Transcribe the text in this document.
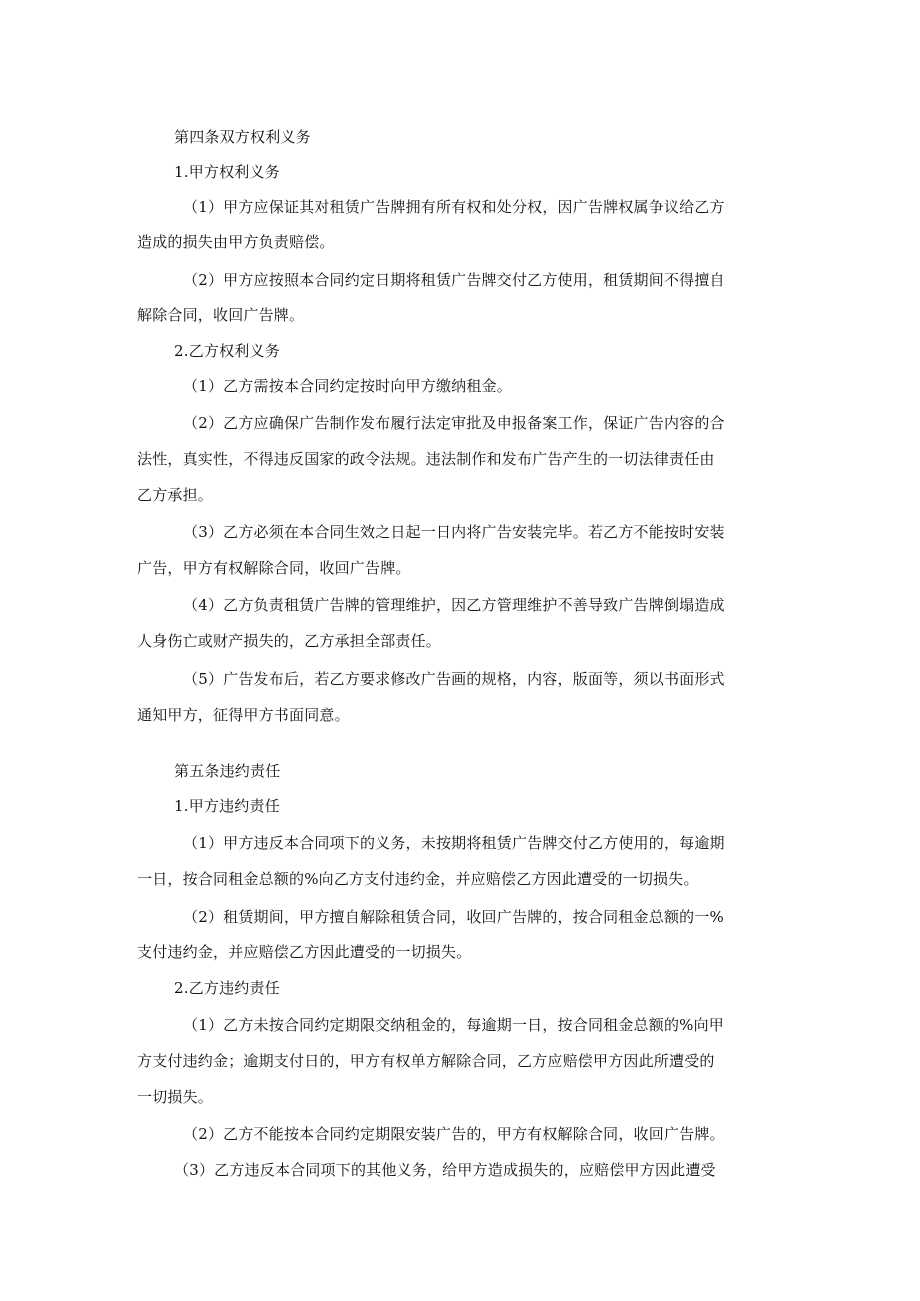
第四条双方权利义务
1.甲方权利义务
（1）甲方应保证其对租赁广告牌拥有所有权和处分权，因广告牌权属争议给乙方
造成的损失由甲方负责赔偿。
（2）甲方应按照本合同约定日期将租赁广告牌交付乙方使用，租赁期间不得擅自
解除合同，收回广告牌。
2.乙方权利义务
（1）乙方需按本合同约定按时向甲方缴纳租金。
（2）乙方应确保广告制作发布履行法定审批及申报备案工作，保证广告内容的合
法性，真实性，不得违反国家的政令法规。违法制作和发布广告产生的一切法律责任由
乙方承担。
（3）乙方必须在本合同生效之日起一日内将广告安装完毕。若乙方不能按时安装
广告，甲方有权解除合同，收回广告牌。
（4）乙方负责租赁广告牌的管理维护，因乙方管理维护不善导致广告牌倒塌造成
人身伤亡或财产损失的，乙方承担全部责任。
（5）广告发布后，若乙方要求修改广告画的规格，内容，版面等，须以书面形式
通知甲方，征得甲方书面同意。
第五条违约责任
1.甲方违约责任
（1）甲方违反本合同项下的义务，未按期将租赁广告牌交付乙方使用的，每逾期
一日，按合同租金总额的%向乙方支付违约金，并应赔偿乙方因此遭受的一切损失。
（2）租赁期间，甲方擅自解除租赁合同，收回广告牌的，按合同租金总额的一%
支付违约金，并应赔偿乙方因此遭受的一切损失。
2.乙方违约责任
（1）乙方未按合同约定期限交纳租金的，每逾期一日，按合同租金总额的%向甲
方支付违约金；逾期支付日的，甲方有权单方解除合同，乙方应赔偿甲方因此所遭受的
一切损失。
（2）乙方不能按本合同约定期限安装广告的，甲方有权解除合同，收回广告牌。
（3）乙方违反本合同项下的其他义务，给甲方造成损失的，应赔偿甲方因此遭受
